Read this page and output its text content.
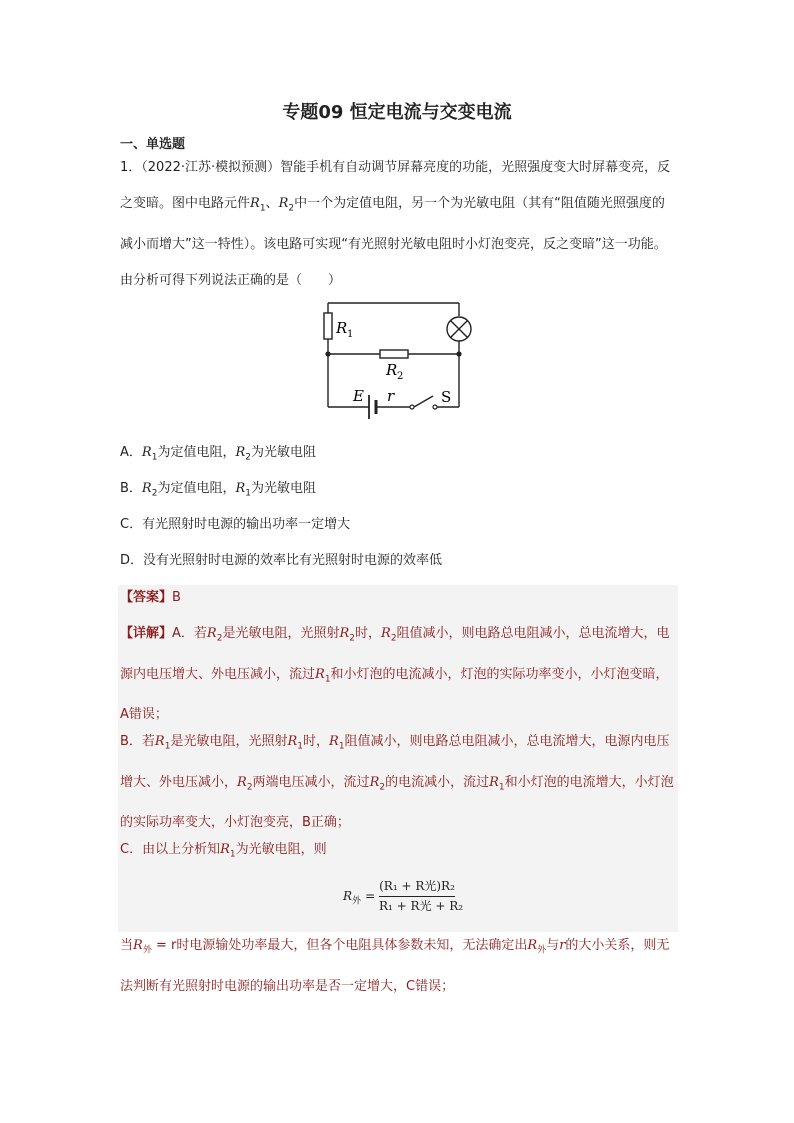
专题09 恒定电流与交变电流
一、单选题
1．（2022·江苏·模拟预测）智能手机有自动调节屏幕亮度的功能，光照强度变大时屏幕变亮，反之变暗。图中电路元件$R_1$、$R_2$中一个为定值电阻，另一个为光敏电阻（其有“阻值随光照强度的减小而增大”这一特性）。该电路可实现“有光照射光敏电阻时小灯泡变亮，反之变暗”这一功能。由分析可得下列说法正确的是（　　）
R 1
R 2
E r	S
A．$R_1$为定值电阻，$R_2$为光敏电阻
B．$R_2$为定值电阻，$R_1$为光敏电阻
C．有光照射时电源的输出功率一定增大
D．没有光照射时电源的效率比有光照射时电源的效率低
【答案】B
【详解】A．若$R_2$是光敏电阻，光照射$R_2$时，$R_2$阻值减小，则电路总电阻减小，总电流增大，电源内电压增大、外电压减小，流过$R_1$和小灯泡的电流减小，灯泡的实际功率变小，小灯泡变暗，A错误；
B．若$R_1$是光敏电阻，光照射$R_1$时，$R_1$阻值减小，则电路总电阻减小，总电流增大，电源内电压增大、外电压减小，$R_2$两端电压减小，流过$R_2$的电流减小，流过$R_1$和小灯泡的电流增大，小灯泡的实际功率变大，小灯泡变亮，B正确；
C．由以上分析知$R_1$为光敏电阻，则
$R_外$ =
(R₁ + R光)R₂
R₁ + R光 + R₂
当$R_外 = r$时电源输处功率最大，但各个电阻具体参数未知，无法确定出$R_外$与r的大小关系，则无法判断有光照射时电源的输出功率是否一定增大，C错误；
